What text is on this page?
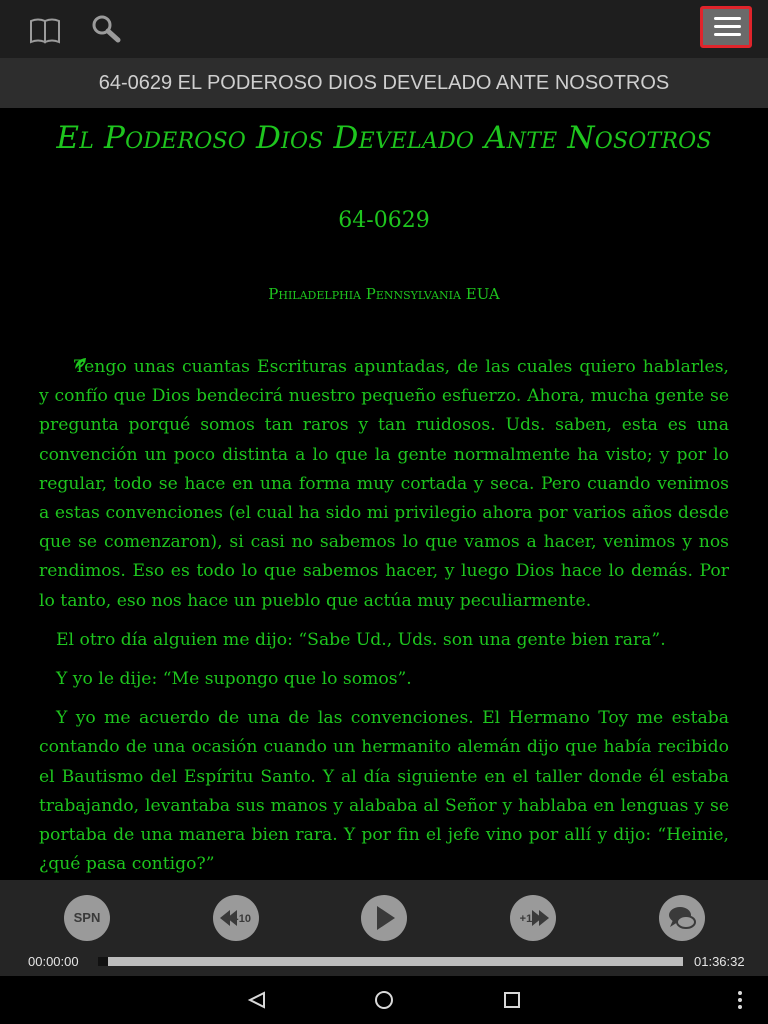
64-0629 EL PODEROSO DIOS DEVELADO ANTE NOSOTROS
El Poderoso Dios Develado Ante Nosotros
64-0629
Philadelphia Pennsylvania EUA

Tengo unas cuantas Escrituras apuntadas, de las cuales quiero hablarles, y confío que Dios bendecirá nuestro pequeño esfuerzo. Ahora, mucha gente se pregunta porqué somos tan raros y tan ruidosos. Uds. saben, esta es una convención un poco distinta a lo que la gente normalmente ha visto; y por lo regular, todo se hace en una forma muy cortada y seca. Pero cuando venimos a estas convenciones (el cual ha sido mi privilegio ahora por varios años desde que se comenzaron), si casi no sabemos lo que vamos a hacer, venimos y nos rendimos. Eso es todo lo que sabemos hacer, y luego Dios hace lo demás. Por lo tanto, eso nos hace un pueblo que actúa muy peculiarmente.

El otro día alguien me dijo: “Sabe Ud., Uds. son una gente bien rara”.

Y yo le dije: “Me supongo que lo somos”.

Y yo me acuerdo de una de las convenciones. El Hermano Toy me estaba contando de una ocasión cuando un hermanito alemán dijo que había recibido el Bautismo del Espíritu Santo. Y al día siguiente en el taller donde él estaba trabajando, levantaba sus manos y alababa al Señor y hablaba en lenguas y se portaba de una manera bien rara. Y por fin el jefe vino por allí y dijo: “Heinie, ¿qué pasa contigo?”

SPN	-10	+10
00:00:00	01:36:32
